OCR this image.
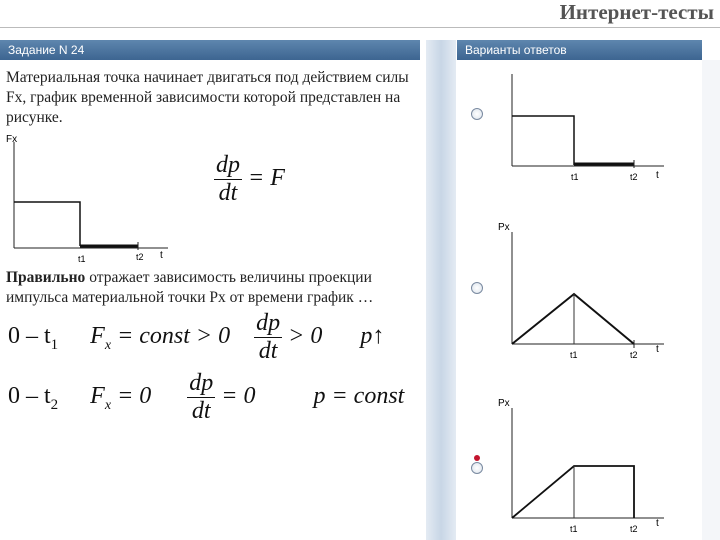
Интернет-тесты
Задание N 24
Материальная точка начинает двигаться под действием силы Fx, график временной зависимости которой представлен на рисунке.
Fx
t1	t2 t
$\frac{dp}{dt} = F$
Правильно отражает зависимость величины проекции импульса материальной точки Px от времени график …
$0 - t_1$ $F_x$ = const > $0 \frac{dp}{dt} > 0$ p↑
$0 - t_2$ $F_x = 0 \frac{dp}{dt} = 0$ p = const
Варианты ответов
t1	t2 t
Px
t1	t2 t
Px
t1	t2 t
